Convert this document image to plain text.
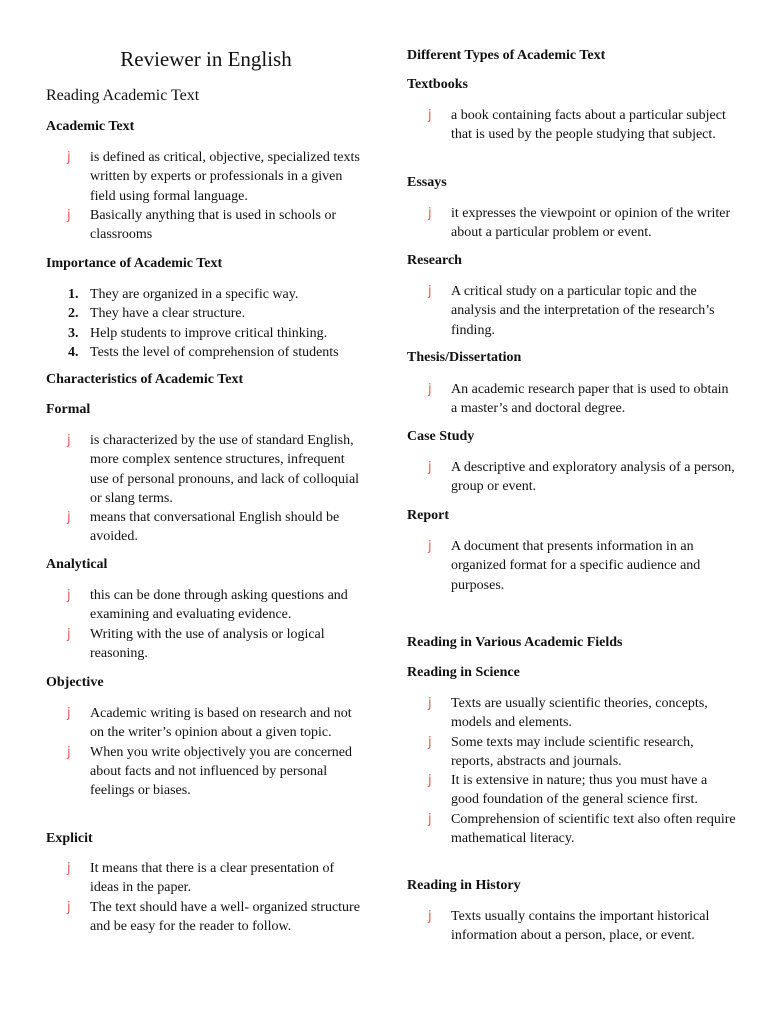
Reviewer in English
Reading Academic Text
Academic Text
j is defined as critical, objective, specialized texts written by experts or professionals in a given field using formal language.
j Basically anything that is used in schools or classrooms
Importance of Academic Text
1. They are organized in a specific way.
2. They have a clear structure.
3. Help students to improve critical thinking.
4. Tests the level of comprehension of students
Characteristics of Academic Text
Formal
j is characterized by the use of standard English, more complex sentence structures, infrequent use of personal pronouns, and lack of colloquial or slang terms.
j means that conversational English should be avoided.
Analytical
j this can be done through asking questions and examining and evaluating evidence.
j Writing with the use of analysis or logical reasoning.
Objective
j Academic writing is based on research and not on the writer’s opinion about a given topic.
j When you write objectively you are concerned about facts and not influenced by personal feelings or biases.
Explicit
j It means that there is a clear presentation of ideas in the paper.
j The text should have a well- organized structure and be easy for the reader to follow.
Different Types of Academic Text
Textbooks
j a book containing facts about a particular subject that is used by the people studying that subject.
Essays
j it expresses the viewpoint or opinion of the writer about a particular problem or event.
Research
j A critical study on a particular topic and the analysis and the interpretation of the research’s finding.
Thesis/Dissertation
j An academic research paper that is used to obtain a master’s and doctoral degree.
Case Study
j A descriptive and exploratory analysis of a person, group or event.
Report
j A document that presents information in an organized format for a specific audience and purposes.
Reading in Various Academic Fields
Reading in Science
j Texts are usually scientific theories, concepts, models and elements.
j Some texts may include scientific research, reports, abstracts and journals.
j It is extensive in nature; thus you must have a good foundation of the general science first.
j Comprehension of scientific text also often require mathematical literacy.
Reading in History
j Texts usually contains the important historical information about a person, place, or event.
